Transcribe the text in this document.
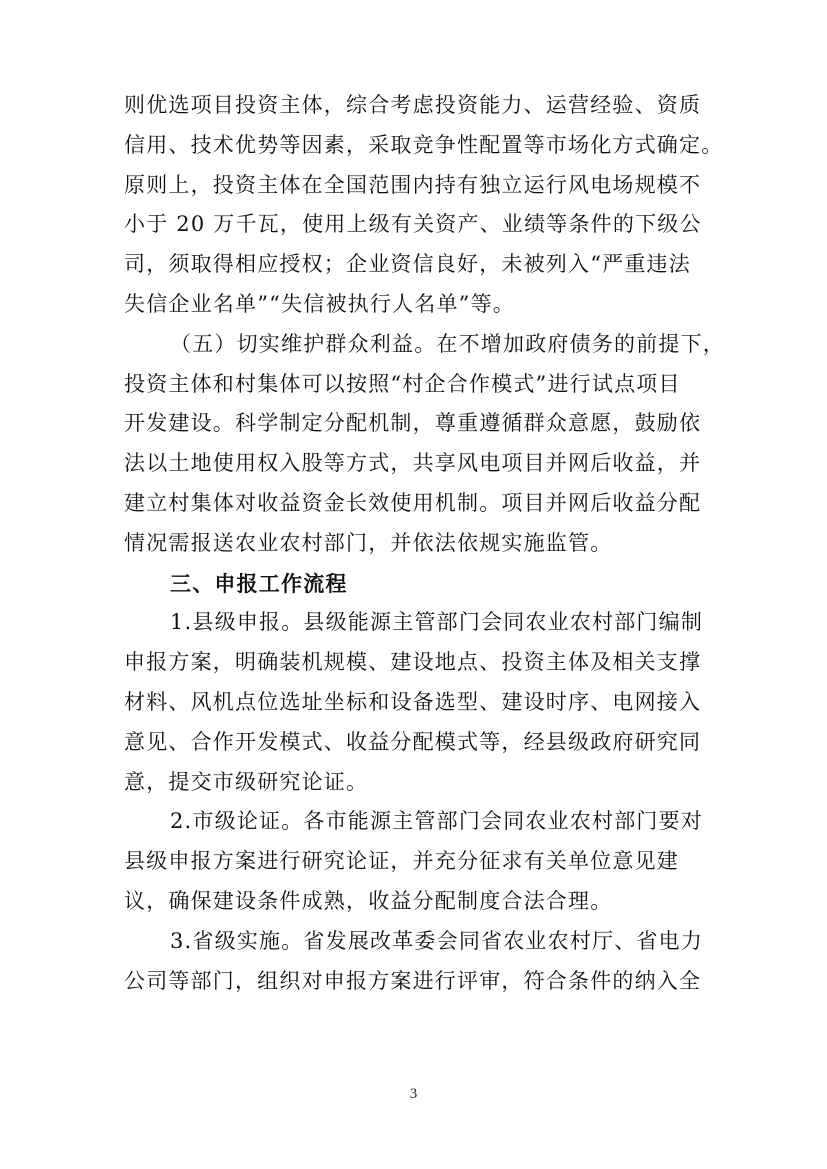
则优选项目投资主体，综合考虑投资能力、运营经验、资质
信用、技术优势等因素，采取竞争性配置等市场化方式确定。
原则上，投资主体在全国范围内持有独立运行风电场规模不
小于 20 万千瓦，使用上级有关资产、业绩等条件的下级公
司，须取得相应授权；企业资信良好，未被列入“严重违法
失信企业名单”“失信被执行人名单”等。
（五）切实维护群众利益。在不增加政府债务的前提下，
投资主体和村集体可以按照“村企合作模式”进行试点项目
开发建设。科学制定分配机制，尊重遵循群众意愿，鼓励依
法以土地使用权入股等方式，共享风电项目并网后收益，并
建立村集体对收益资金长效使用机制。项目并网后收益分配
情况需报送农业农村部门，并依法依规实施监管。
三、申报工作流程
1.县级申报。县级能源主管部门会同农业农村部门编制
申报方案，明确装机规模、建设地点、投资主体及相关支撑
材料、风机点位选址坐标和设备选型、建设时序、电网接入
意见、合作开发模式、收益分配模式等，经县级政府研究同
意，提交市级研究论证。
2.市级论证。各市能源主管部门会同农业农村部门要对
县级申报方案进行研究论证，并充分征求有关单位意见建
议，确保建设条件成熟，收益分配制度合法合理。
3.省级实施。省发展改革委会同省农业农村厅、省电力
公司等部门，组织对申报方案进行评审，符合条件的纳入全
3
